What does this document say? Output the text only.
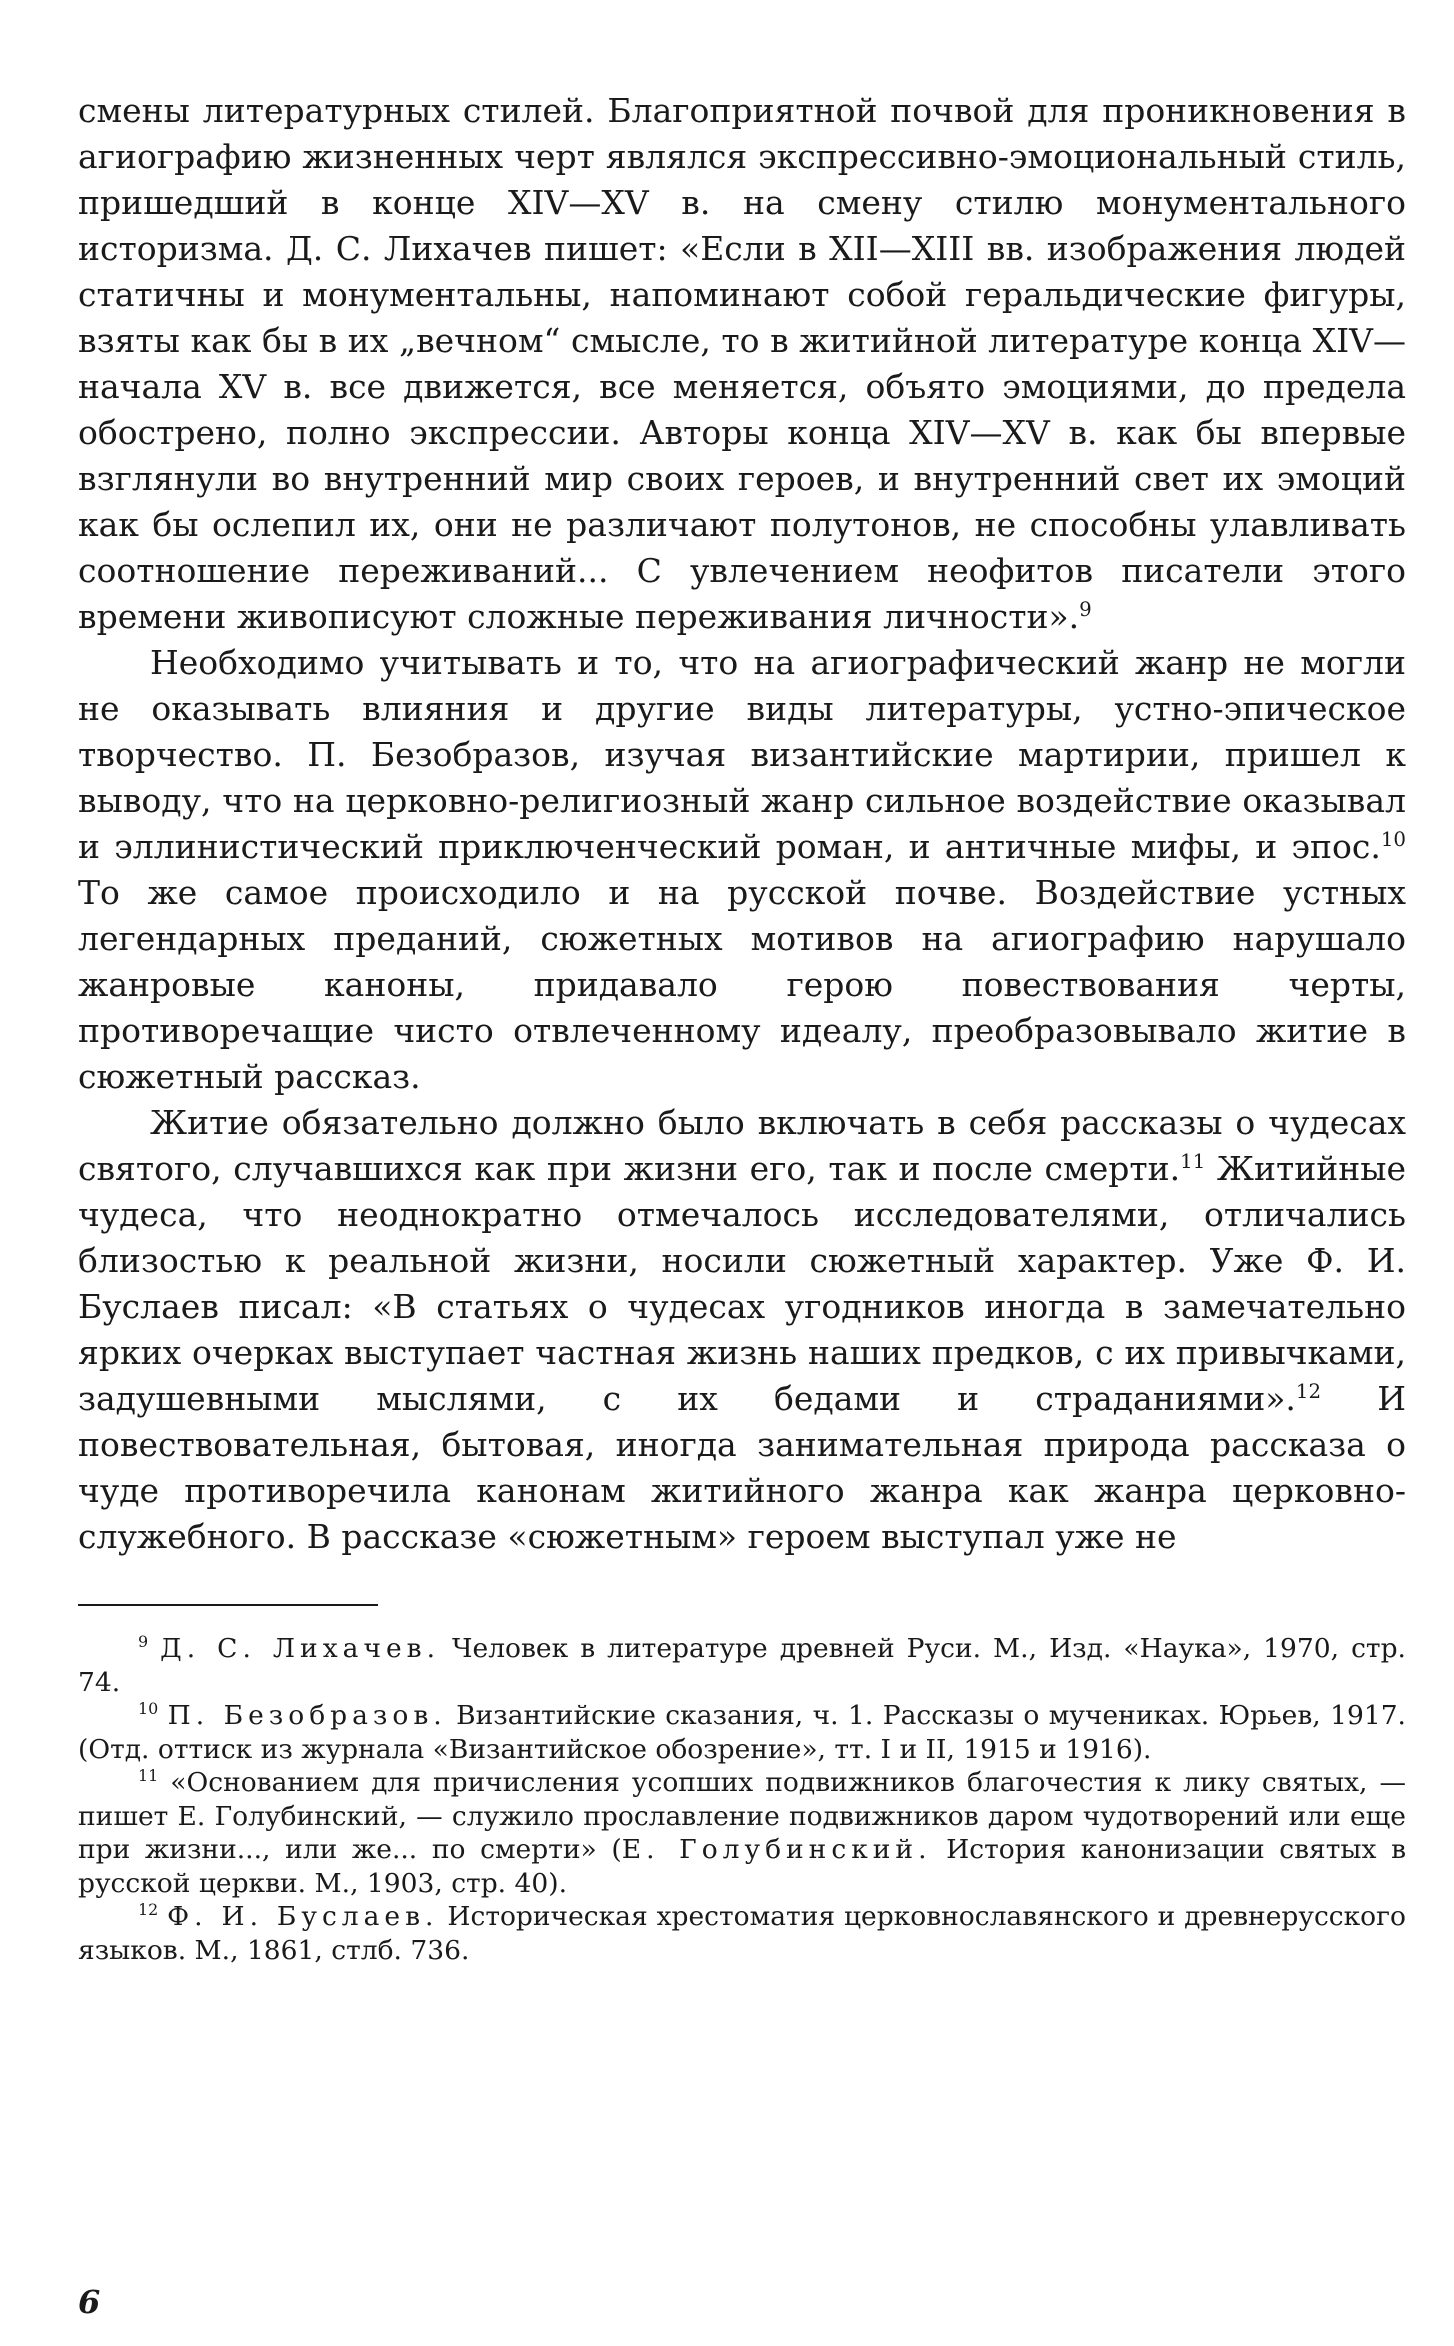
смены литературных стилей. Благоприятной почвой для проникновения в агиографию жизненных черт являлся экспрессивно-эмоциональный стиль, пришедший в конце XIV—XV в. на смену стилю монументального историзма. Д. С. Лихачев пишет: «Если в XII—XIII вв. изображения людей статичны и монументальны, напоминают собой геральдические фигуры, взяты как бы в их „вечном“ смысле, то в житийной литературе конца XIV—начала XV в. все движется, все меняется, объято эмоциями, до предела обострено, полно экспрессии. Авторы конца XIV—XV в. как бы впервые взглянули во внутренний мир своих героев, и внутренний свет их эмоций как бы ослепил их, они не различают полутонов, не способны улавливать соотношение переживаний... С увлечением неофитов писатели этого времени живописуют сложные переживания личности».$^9$

Необходимо учитывать и то, что на агиографический жанр не могли не оказывать влияния и другие виды литературы, устно-эпическое творчество. П. Безобразов, изучая византийские мартирии, пришел к выводу, что на церковно-религиозный жанр сильное воздействие оказывал и эллинистический приключенческий роман, и античные мифы, и эпос.$^{10}$ То же самое происходило и на русской почве. Воздействие устных легендарных преданий, сюжетных мотивов на агиографию нарушало жанровые каноны, придавало герою повествования черты, противоречащие чисто отвлеченному идеалу, преобразовывало житие в сюжетный рассказ.

Житие обязательно должно было включать в себя рассказы о чудесах святого, случавшихся как при жизни его, так и после смерти.$^{11}$ Житийные чудеса, что неоднократно отмечалось исследователями, отличались близостью к реальной жизни, носили сюжетный характер. Уже Ф. И. Буслаев писал: «В статьях о чудесах угодников иногда в замечательно ярких очерках выступает частная жизнь наших предков, с их привычками, задушевными мыслями, с их бедами и страданиями».$^{12}$ И повествовательная, бытовая, иногда занимательная природа рассказа о чуде противоречила канонам житийного жанра как жанра церковно-служебного. В рассказе «сюжетным» героем выступал уже не

$^9$ Д. С. Лихачев. Человек в литературе древней Руси. М., Изд. «Наука», 1970, стр. 74.

$^{10}$ П. Безобразов. Византийские сказания, ч. 1. Рассказы о мучениках. Юрьев, 1917. (Отд. оттиск из журнала «Византийское обозрение», тт. I и II, 1915 и 1916).

$^{11}$ «Основанием для причисления усопших подвижников благочестия к лику святых, — пишет Е. Голубинский, — служило прославление подвижников даром чудотворений или еще при жизни..., или же... по смерти» (Е. Голубинский. История канонизации святых в русской церкви. М., 1903, стр. 40).

$^{12}$ Ф. И. Буслаев. Историческая хрестоматия церковнославянского и древнерусского языков. М., 1861, стлб. 736.

6
